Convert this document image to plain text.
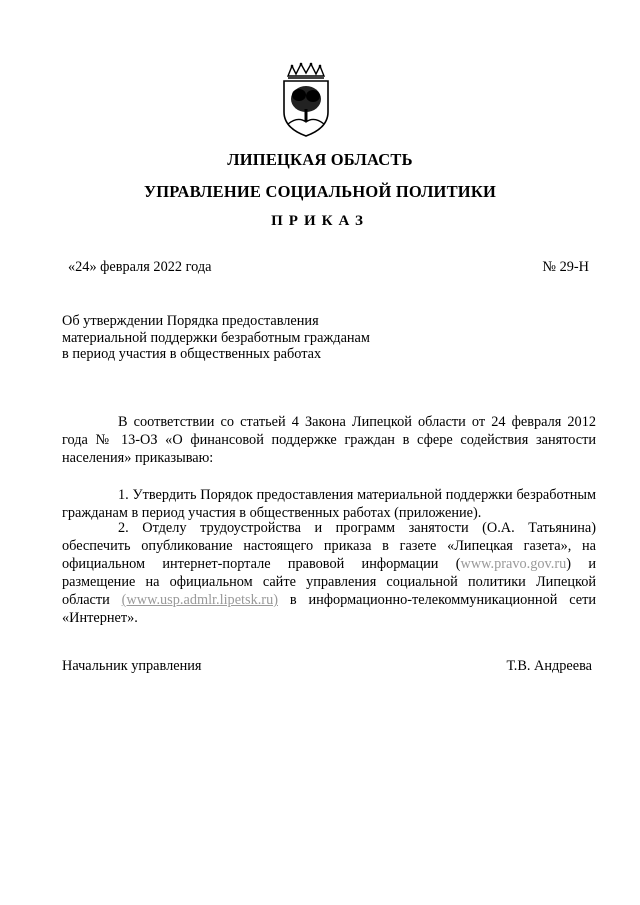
ЛИПЕЦКАЯ ОБЛАСТЬ
УПРАВЛЕНИЕ СОЦИАЛЬНОЙ ПОЛИТИКИ
ПРИКАЗ
«24» февраля 2022 года	№ 29-Н
Об утверждении Порядка предоставления
материальной поддержки безработным гражданам
в период участия в общественных работах
В соответствии со статьей 4 Закона Липецкой области от 24 февраля 2012 года № 13-ОЗ «О финансовой поддержке граждан в сфере содействия занятости населения» приказываю:
1. Утвердить Порядок предоставления материальной поддержки безработным гражданам в период участия в общественных работах (приложение).
2. Отделу трудоустройства и программ занятости (О.А. Татьянина) обеспечить опубликование настоящего приказа в газете «Липецкая газета», на официальном интернет-портале правовой информации (www.pravo.gov.ru) и размещение на официальном сайте управления социальной политики Липецкой области (www.usp.admlr.lipetsk.ru) в информационно-телекоммуникационной сети «Интернет».
Начальник управления	Т.В. Андреева
